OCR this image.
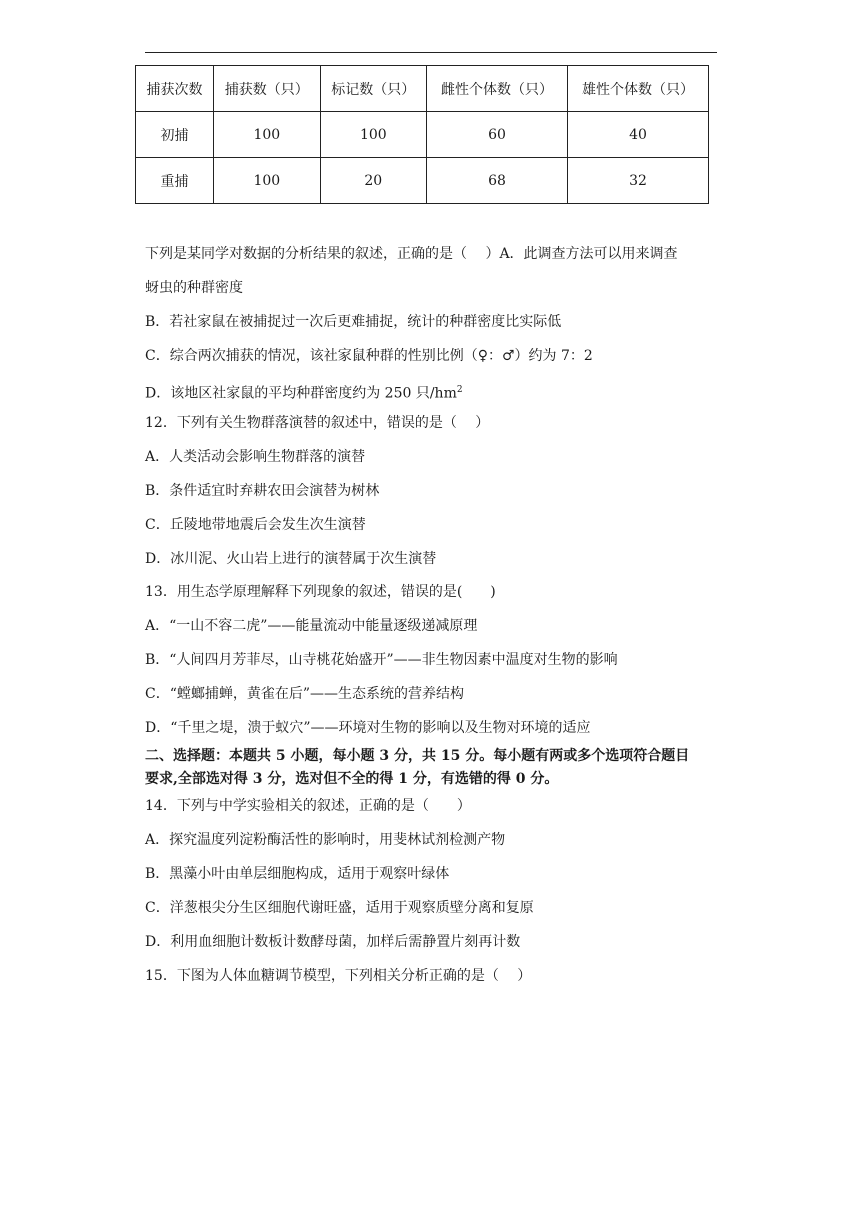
捕获次数	捕获数（只）	标记数（只）	雌性个体数（只）	雄性个体数（只）
初捕	100	100	60	40
重捕	100	20	68	32
下列是某同学对数据的分析结果的叙述，正确的是（　 ）A．此调查方法可以用来调查
蚜虫的种群密度
B．若社家鼠在被捕捉过一次后更难捕捉，统计的种群密度比实际低
C．综合两次捕获的情况，该社家鼠种群的性别比例（♀：♂）约为 7：2
D．该地区社家鼠的平均种群密度约为 250 只$/hm^2$
12．下列有关生物群落演替的叙述中，错误的是（　 ）
A．人类活动会影响生物群落的演替
B．条件适宜时弃耕农田会演替为树林
C．丘陵地带地震后会发生次生演替
D．冰川泥、火山岩上进行的演替属于次生演替
13．用生态学原理解释下列现象的叙述，错误的是(　　)
A．“一山不容二虎”——能量流动中能量逐级递减原理
B．“人间四月芳菲尽，山寺桃花始盛开”——非生物因素中温度对生物的影响
C．“螳螂捕蝉，黄雀在后”——生态系统的营养结构
D．“千里之堤，溃于蚁穴”——环境对生物的影响以及生物对环境的适应
二、选择题：本题共 5 小题，每小题 3 分，共 15 分。每小题有两或多个选项符合题目
要求,全部选对得 3 分，选对但不全的得 1 分，有选错的得 0 分。
14．下列与中学实验相关的叙述，正确的是（　　）
A．探究温度列淀粉酶活性的影响时，用斐林试剂检测产物
B．黑藻小叶由单层细胞构成，适用于观察叶绿体
C．洋葱根尖分生区细胞代谢旺盛，适用于观察质壁分离和复原
D．利用血细胞计数板计数酵母菌，加样后需静置片刻再计数
15．下图为人体血糖调节模型，下列相关分析正确的是（　 ）
